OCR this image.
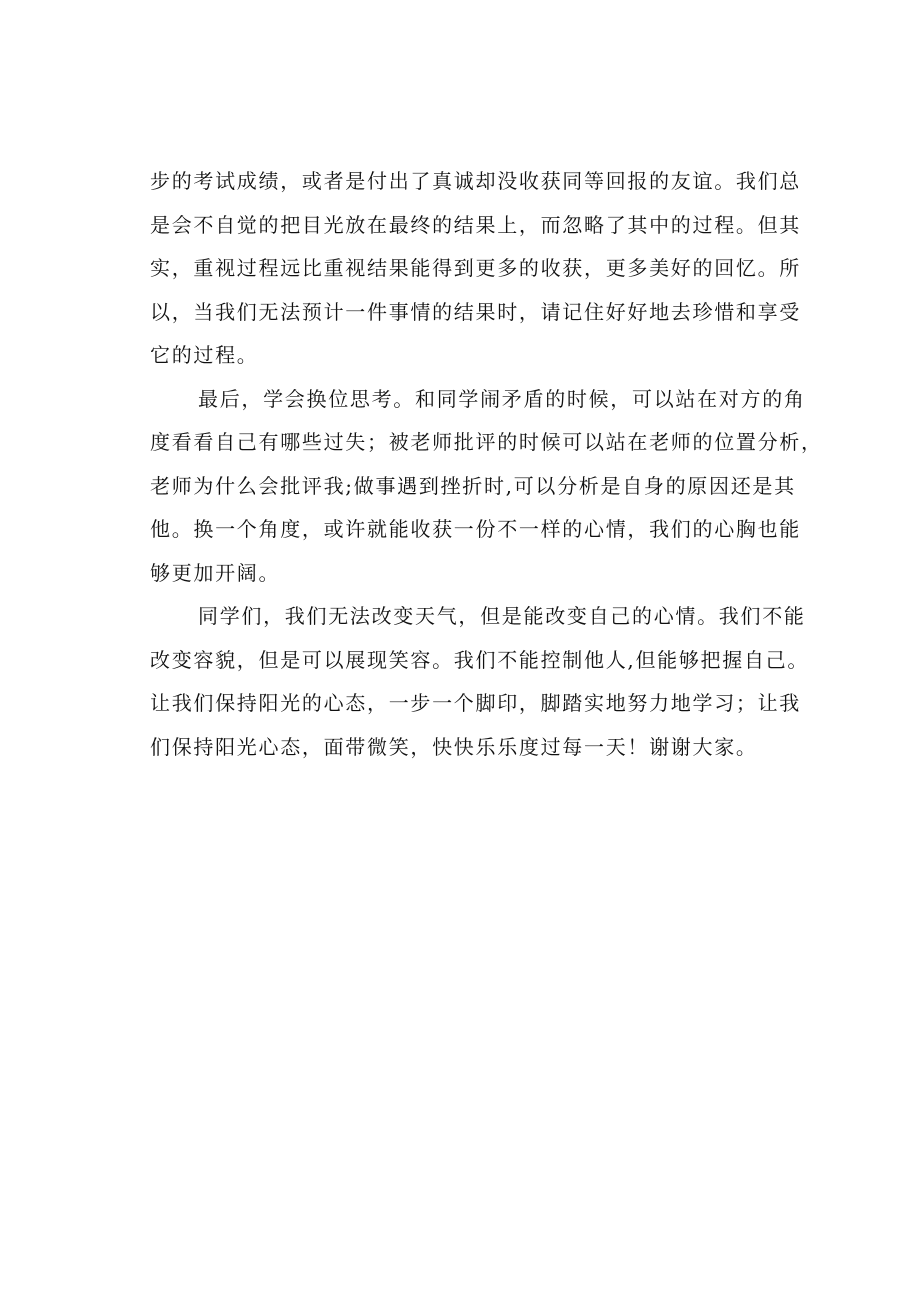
步的考试成绩，或者是付出了真诚却没收获同等回报的友谊。我们总
是会不自觉的把目光放在最终的结果上，而忽略了其中的过程。但其
实，重视过程远比重视结果能得到更多的收获，更多美好的回忆。所
以，当我们无法预计一件事情的结果时，请记住好好地去珍惜和享受
它的过程。

最后，学会换位思考。和同学闹矛盾的时候，可以站在对方的角
度看看自己有哪些过失；被老师批评的时候可以站在老师的位置分析，
老师为什么会批评我;做事遇到挫折时,可以分析是自身的原因还是其
他。换一个角度，或许就能收获一份不一样的心情，我们的心胸也能
够更加开阔。

同学们，我们无法改变天气，但是能改变自己的心情。我们不能
改变容貌，但是可以展现笑容。我们不能控制他人,但能够把握自己。
让我们保持阳光的心态，一步一个脚印，脚踏实地努力地学习；让我
们保持阳光心态，面带微笑，快快乐乐度过每一天！谢谢大家。
